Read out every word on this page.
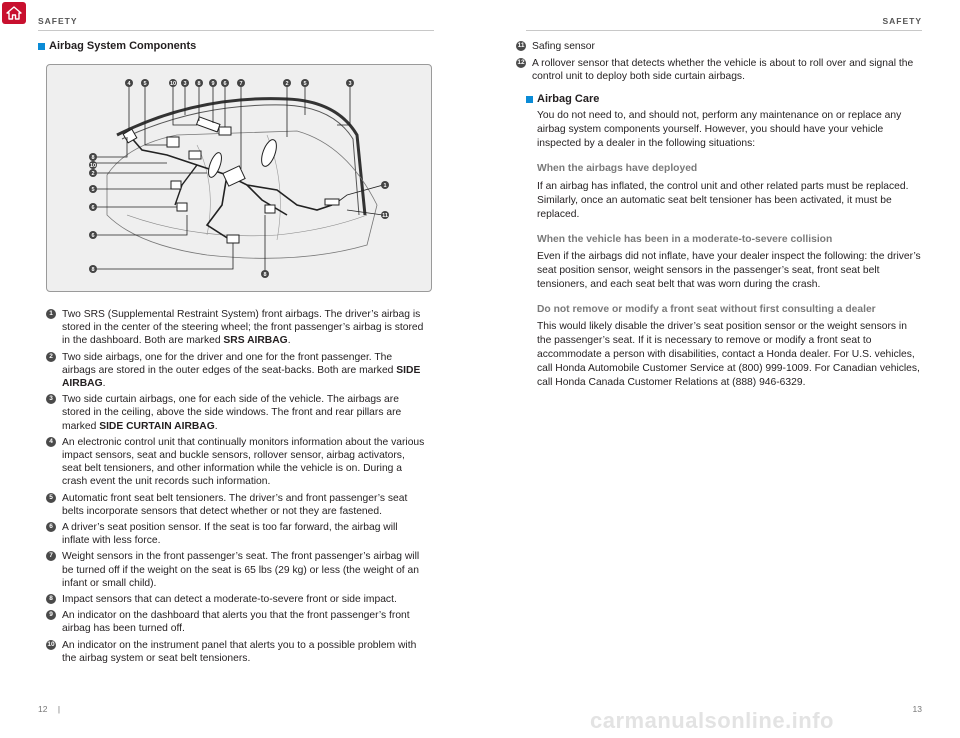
SAFETY	SAFETY
Airbag System Components
4 5	10 3 8 9 6 7	2	5	3
8
10
2
5
6
6
8
1
11
8
1 Two SRS (Supplemental Restraint System) front airbags. The driver’s airbag is stored in the center of the steering wheel; the front passenger’s airbag is stored in the dashboard. Both are marked SRS AIRBAG.
2 Two side airbags, one for the driver and one for the front passenger. The airbags are stored in the outer edges of the seat-backs. Both are marked SIDE AIRBAG.
3 Two side curtain airbags, one for each side of the vehicle. The airbags are stored in the ceiling, above the side windows. The front and rear pillars are marked SIDE CURTAIN AIRBAG.
4 An electronic control unit that continually monitors information about the various impact sensors, seat and buckle sensors, rollover sensor, airbag activators, seat belt tensioners, and other information while the vehicle is on. During a crash event the unit records such information.
5 Automatic front seat belt tensioners. The driver’s and front passenger’s seat belts incorporate sensors that detect whether or not they are fastened.
6 A driver’s seat position sensor. If the seat is too far forward, the airbag will inflate with less force.
7 Weight sensors in the front passenger’s seat. The front passenger’s airbag will be turned off if the weight on the seat is 65 lbs (29 kg) or less (the weight of an infant or small child).
8 Impact sensors that can detect a moderate-to-severe front or side impact.
9 An indicator on the dashboard that alerts you that the front passenger’s front airbag has been turned off.
10 An indicator on the instrument panel that alerts you to a possible problem with the airbag system or seat belt tensioners.
11 Safing sensor
12 A rollover sensor that detects whether the vehicle is about to roll over and signal the control unit to deploy both side curtain airbags.
Airbag Care
You do not need to, and should not, perform any maintenance on or replace any airbag system components yourself. However, you should have your vehicle inspected by a dealer in the following situations:
When the airbags have deployed
If an airbag has inflated, the control unit and other related parts must be replaced. Similarly, once an automatic seat belt tensioner has been activated, it must be replaced.
When the vehicle has been in a moderate-to-severe collision
Even if the airbags did not inflate, have your dealer inspect the following: the driver’s seat position sensor, weight sensors in the passenger’s seat, front seat belt tensioners, and each seat belt that was worn during the crash.
Do not remove or modify a front seat without first consulting a dealer
This would likely disable the driver’s seat position sensor or the weight sensors in the passenger’s seat. If it is necessary to remove or modify a front seat to accommodate a person with disabilities, contact a Honda dealer. For U.S. vehicles, call Honda Automobile Customer Service at (800) 999-1009. For Canadian vehicles, call Honda Canada Customer Relations at (888) 946-6329.
12 |	13
carmanualsonline.info
